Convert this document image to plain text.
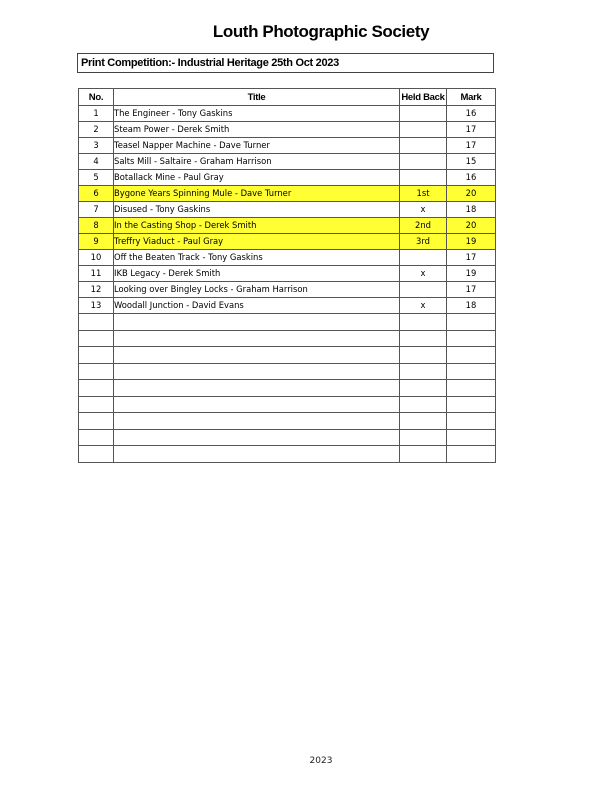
Louth Photographic Society
Print Competition:- Industrial Heritage 25th Oct 2023
No.	Title	Held Back	Mark
1	The Engineer - Tony Gaskins		16
2	Steam Power - Derek Smith		17
3	Teasel Napper Machine - Dave Turner		17
4	Salts Mill - Saltaire - Graham Harrison		15
5	Botallack Mine - Paul Gray		16
6	Bygone Years Spinning Mule - Dave Turner	1st	20
7	Disused - Tony Gaskins	x	18
8	In the Casting Shop - Derek Smith	2nd	20
9	Treffry Viaduct - Paul Gray	3rd	19
10	Off the Beaten Track - Tony Gaskins		17
11	IKB Legacy - Derek Smith	x	19
12	Looking over Bingley Locks - Graham Harrison		17
13	Woodall Junction - David Evans	x	18

2023
